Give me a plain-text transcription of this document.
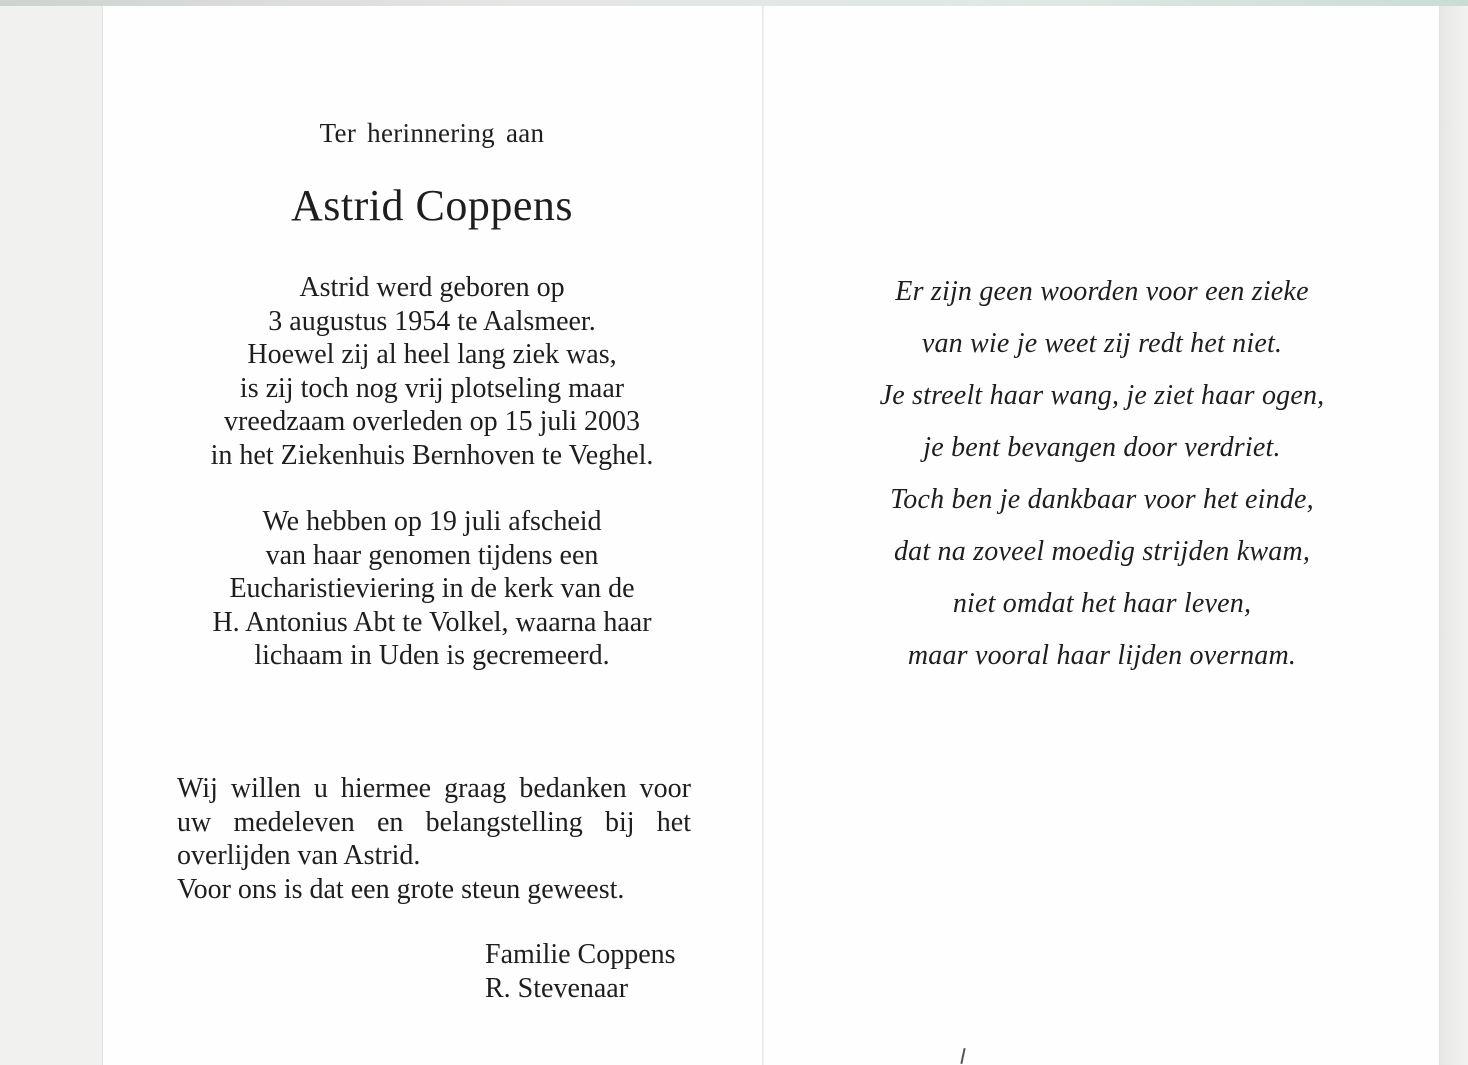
Ter herinnering aan
Astrid Coppens
Astrid werd geboren op
3 augustus 1954 te Aalsmeer.
Hoewel zij al heel lang ziek was,
is zij toch nog vrij plotseling maar
vreedzaam overleden op 15 juli 2003
in het Ziekenhuis Bernhoven te Veghel.
We hebben op 19 juli afscheid
van haar genomen tijdens een
Eucharistieviering in de kerk van de
H. Antonius Abt te Volkel, waarna haar
lichaam in Uden is gecremeerd.
Wij willen u hiermee graag bedanken voor
uw medeleven en belangstelling bij het
overlijden van Astrid.
Voor ons is dat een grote steun geweest.
Familie Coppens
R. Stevenaar
Er zijn geen woorden voor een zieke
van wie je weet zij redt het niet.
Je streelt haar wang, je ziet haar ogen,
je bent bevangen door verdriet.
Toch ben je dankbaar voor het einde,
dat na zoveel moedig strijden kwam,
niet omdat het haar leven,
maar vooral haar lijden overnam.
